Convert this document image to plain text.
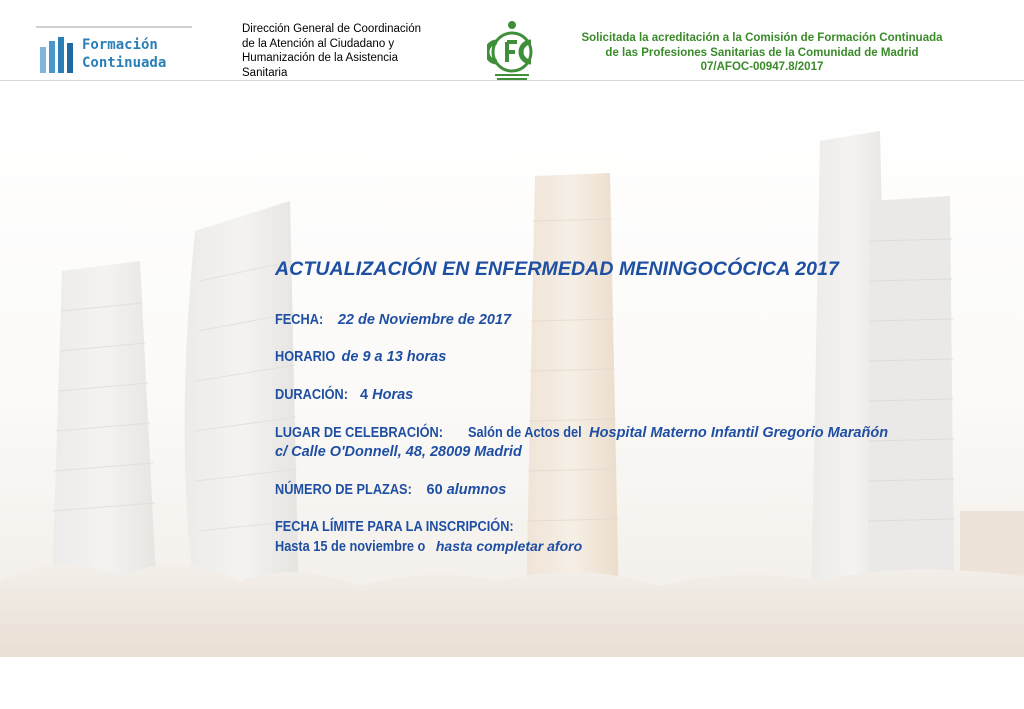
Formación
Continuada
Dirección General de Coordinación
de la Atención al Ciudadano y
Humanización de la Asistencia
Sanitaria
Solicitada la acreditación a la Comisión de Formación Continuada
de las Profesiones Sanitarias de la Comunidad de Madrid
07/AFOC-00947.8/2017
ACTUALIZACIÓN EN ENFERMEDAD MENINGOCÓCICA 2017
FECHA: 22 de Noviembre de 2017
HORARIO de 9 a 13 horas
DURACIÓN: 4 Horas
LUGAR DE CELEBRACIÓN: Salón de Actos del Hospital Materno Infantil Gregorio Marañón
c/ Calle O'Donnell, 48, 28009 Madrid
NÚMERO DE PLAZAS: 60 alumnos
FECHA LÍMITE PARA LA INSCRIPCIÓN:
Hasta 15 de noviembre o hasta completar aforo
